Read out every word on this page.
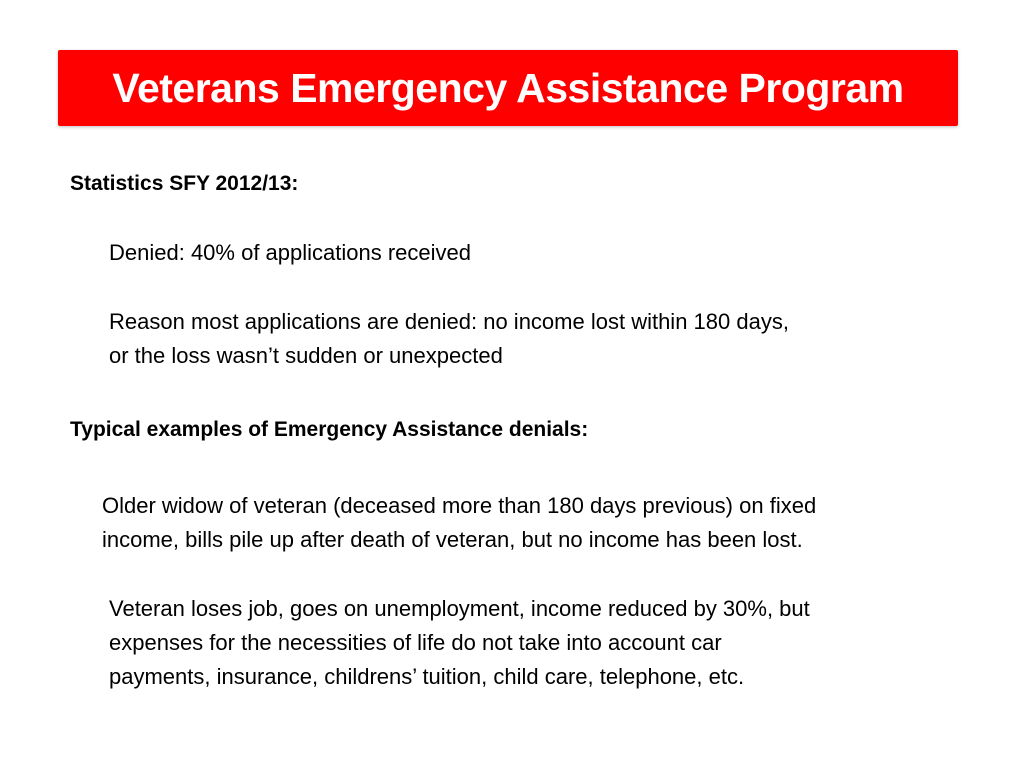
Veterans Emergency Assistance Program
Statistics SFY 2012/13:
Denied: 40% of applications received
Reason most applications are denied: no income lost within 180 days,
or the loss wasn’t sudden or unexpected
Typical examples of Emergency Assistance denials:
Older widow of veteran (deceased more than 180 days previous) on fixed
income, bills pile up after death of veteran, but no income has been lost.
Veteran loses job, goes on unemployment, income reduced by 30%, but
expenses for the necessities of life do not take into account car
payments, insurance, childrens’ tuition, child care, telephone, etc.
